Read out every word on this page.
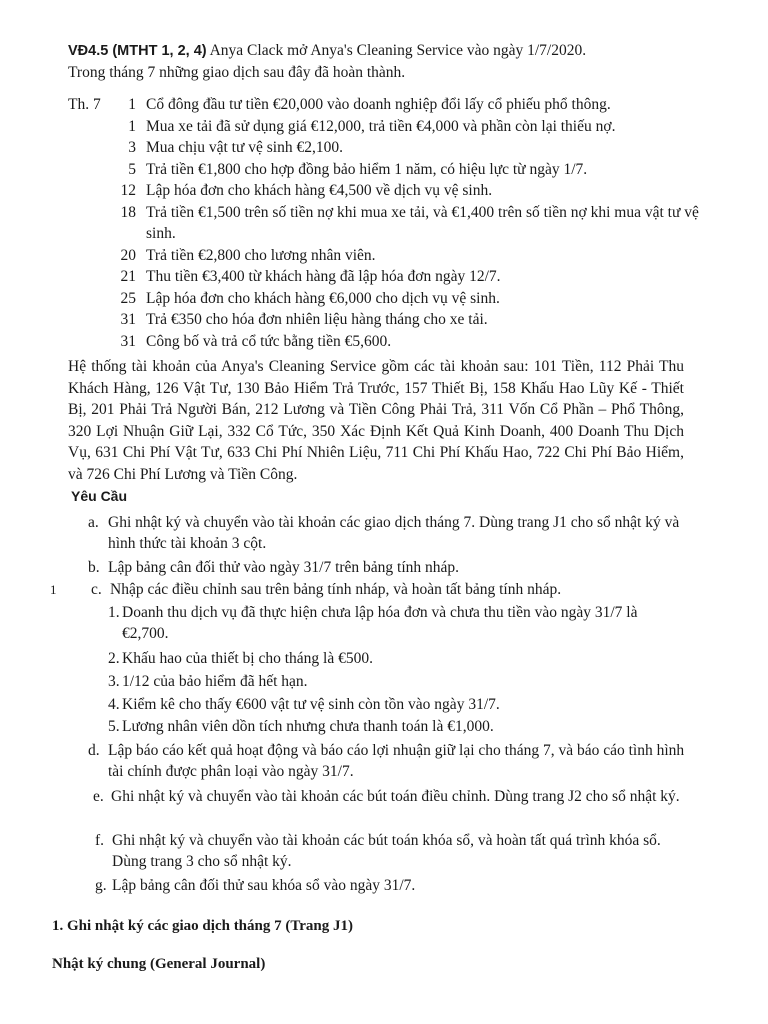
VĐ4.5 (MTHT 1, 2, 4) Anya Clack mở Anya's Cleaning Service vào ngày 1/7/2020.
Trong tháng 7 những giao dịch sau đây đã hoàn thành.
Th. 7	1 Cổ đông đầu tư tiền €20,000 vào doanh nghiệp đổi lấy cổ phiếu phổ thông.
1 Mua xe tải đã sử dụng giá €12,000, trả tiền €4,000 và phần còn lại thiếu nợ.
3 Mua chịu vật tư vệ sinh €2,100.
5 Trả tiền €1,800 cho hợp đồng bảo hiểm 1 năm, có hiệu lực từ ngày 1/7.
12 Lập hóa đơn cho khách hàng €4,500 về dịch vụ vệ sinh.
18 Trả tiền €1,500 trên số tiền nợ khi mua xe tải, và €1,400 trên số tiền nợ khi mua vật tư vệ sinh.
20 Trả tiền €2,800 cho lương nhân viên.
21 Thu tiền €3,400 từ khách hàng đã lập hóa đơn ngày 12/7.
25 Lập hóa đơn cho khách hàng €6,000 cho dịch vụ vệ sinh.
31 Trả €350 cho hóa đơn nhiên liệu hàng tháng cho xe tải.
31 Công bố và trả cổ tức bằng tiền €5,600.
Hệ thống tài khoản của Anya's Cleaning Service gồm các tài khoản sau: 101 Tiền, 112 Phải Thu Khách Hàng, 126 Vật Tư, 130 Bảo Hiểm Trả Trước, 157 Thiết Bị, 158 Khấu Hao Lũy Kế - Thiết Bị, 201 Phải Trả Người Bán, 212 Lương và Tiền Công Phải Trả, 311 Vốn Cổ Phần – Phổ Thông, 320 Lợi Nhuận Giữ Lại, 332 Cổ Tức, 350 Xác Định Kết Quả Kinh Doanh, 400 Doanh Thu Dịch Vụ, 631 Chi Phí Vật Tư, 633 Chi Phí Nhiên Liệu, 711 Chi Phí Khấu Hao, 722 Chi Phí Bảo Hiểm, và 726 Chi Phí Lương và Tiền Công.
Yêu Cầu
1
a. Ghi nhật ký và chuyển vào tài khoản các giao dịch tháng 7. Dùng trang J1 cho sổ nhật ký và hình thức tài khoản 3 cột.
b. Lập bảng cân đối thử vào ngày 31/7 trên bảng tính nháp.
c. Nhập các điều chỉnh sau trên bảng tính nháp, và hoàn tất bảng tính nháp.
1. Doanh thu dịch vụ đã thực hiện chưa lập hóa đơn và chưa thu tiền vào ngày 31/7 là €2,700.
2. Khấu hao của thiết bị cho tháng là €500.
3. 1/12 của bảo hiểm đã hết hạn.
4. Kiểm kê cho thấy €600 vật tư vệ sinh còn tồn vào ngày 31/7.
5. Lương nhân viên dồn tích nhưng chưa thanh toán là €1,000.
d. Lập báo cáo kết quả hoạt động và báo cáo lợi nhuận giữ lại cho tháng 7, và báo cáo tình hình tài chính được phân loại vào ngày 31/7.
e. Ghi nhật ký và chuyển vào tài khoản các bút toán điều chỉnh. Dùng trang J2 cho sổ nhật ký.
f. Ghi nhật ký và chuyển vào tài khoản các bút toán khóa sổ, và hoàn tất quá trình khóa sổ. Dùng trang 3 cho sổ nhật ký.
g. Lập bảng cân đối thử sau khóa sổ vào ngày 31/7.
1. Ghi nhật ký các giao dịch tháng 7 (Trang J1)
Nhật ký chung (General Journal)
